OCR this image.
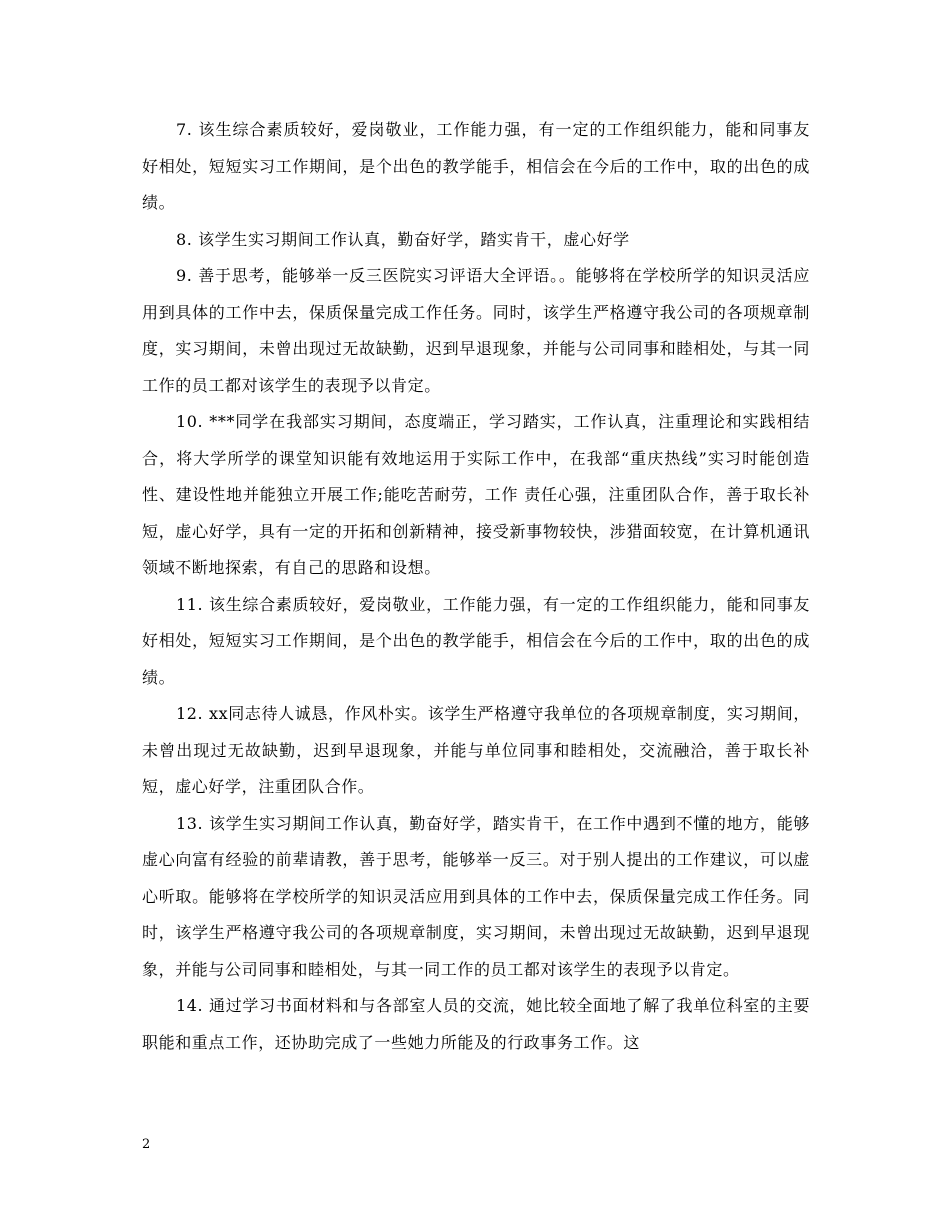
7. 该生综合素质较好，爱岗敬业，工作能力强，有一定的工作组织能力，能和同事友好相处，短短实习工作期间，是个出色的教学能手，相信会在今后的工作中，取的出色的成绩。

8. 该学生实习期间工作认真，勤奋好学，踏实肯干，虚心好学

9. 善于思考，能够举一反三医院实习评语大全评语。。能够将在学校所学的知识灵活应用到具体的工作中去，保质保量完成工作任务。同时，该学生严格遵守我公司的各项规章制度，实习期间，未曾出现过无故缺勤，迟到早退现象，并能与公司同事和睦相处，与其一同工作的员工都对该学生的表现予以肯定。

10. ***同学在我部实习期间，态度端正，学习踏实，工作认真，注重理论和实践相结合，将大学所学的课堂知识能有效地运用于实际工作中，在我部“重庆热线”实习时能创造性、建设性地并能独立开展工作;能吃苦耐劳，工作 责任心强，注重团队合作，善于取长补短，虚心好学，具有一定的开拓和创新精神，接受新事物较快，涉猎面较宽，在计算机通讯领域不断地探索，有自己的思路和设想。

11. 该生综合素质较好，爱岗敬业，工作能力强，有一定的工作组织能力，能和同事友好相处，短短实习工作期间，是个出色的教学能手，相信会在今后的工作中，取的出色的成绩。

12. xx同志待人诚恳，作风朴实。该学生严格遵守我单位的各项规章制度，实习期间，未曾出现过无故缺勤，迟到早退现象，并能与单位同事和睦相处，交流融洽，善于取长补短，虚心好学，注重团队合作。

13. 该学生实习期间工作认真，勤奋好学，踏实肯干，在工作中遇到不懂的地方，能够虚心向富有经验的前辈请教，善于思考，能够举一反三。对于别人提出的工作建议，可以虚心听取。能够将在学校所学的知识灵活应用到具体的工作中去，保质保量完成工作任务。同时，该学生严格遵守我公司的各项规章制度，实习期间，未曾出现过无故缺勤，迟到早退现象，并能与公司同事和睦相处，与其一同工作的员工都对该学生的表现予以肯定。

14. 通过学习书面材料和与各部室人员的交流，她比较全面地了解了我单位科室的主要职能和重点工作，还协助完成了一些她力所能及的行政事务工作。这

2
